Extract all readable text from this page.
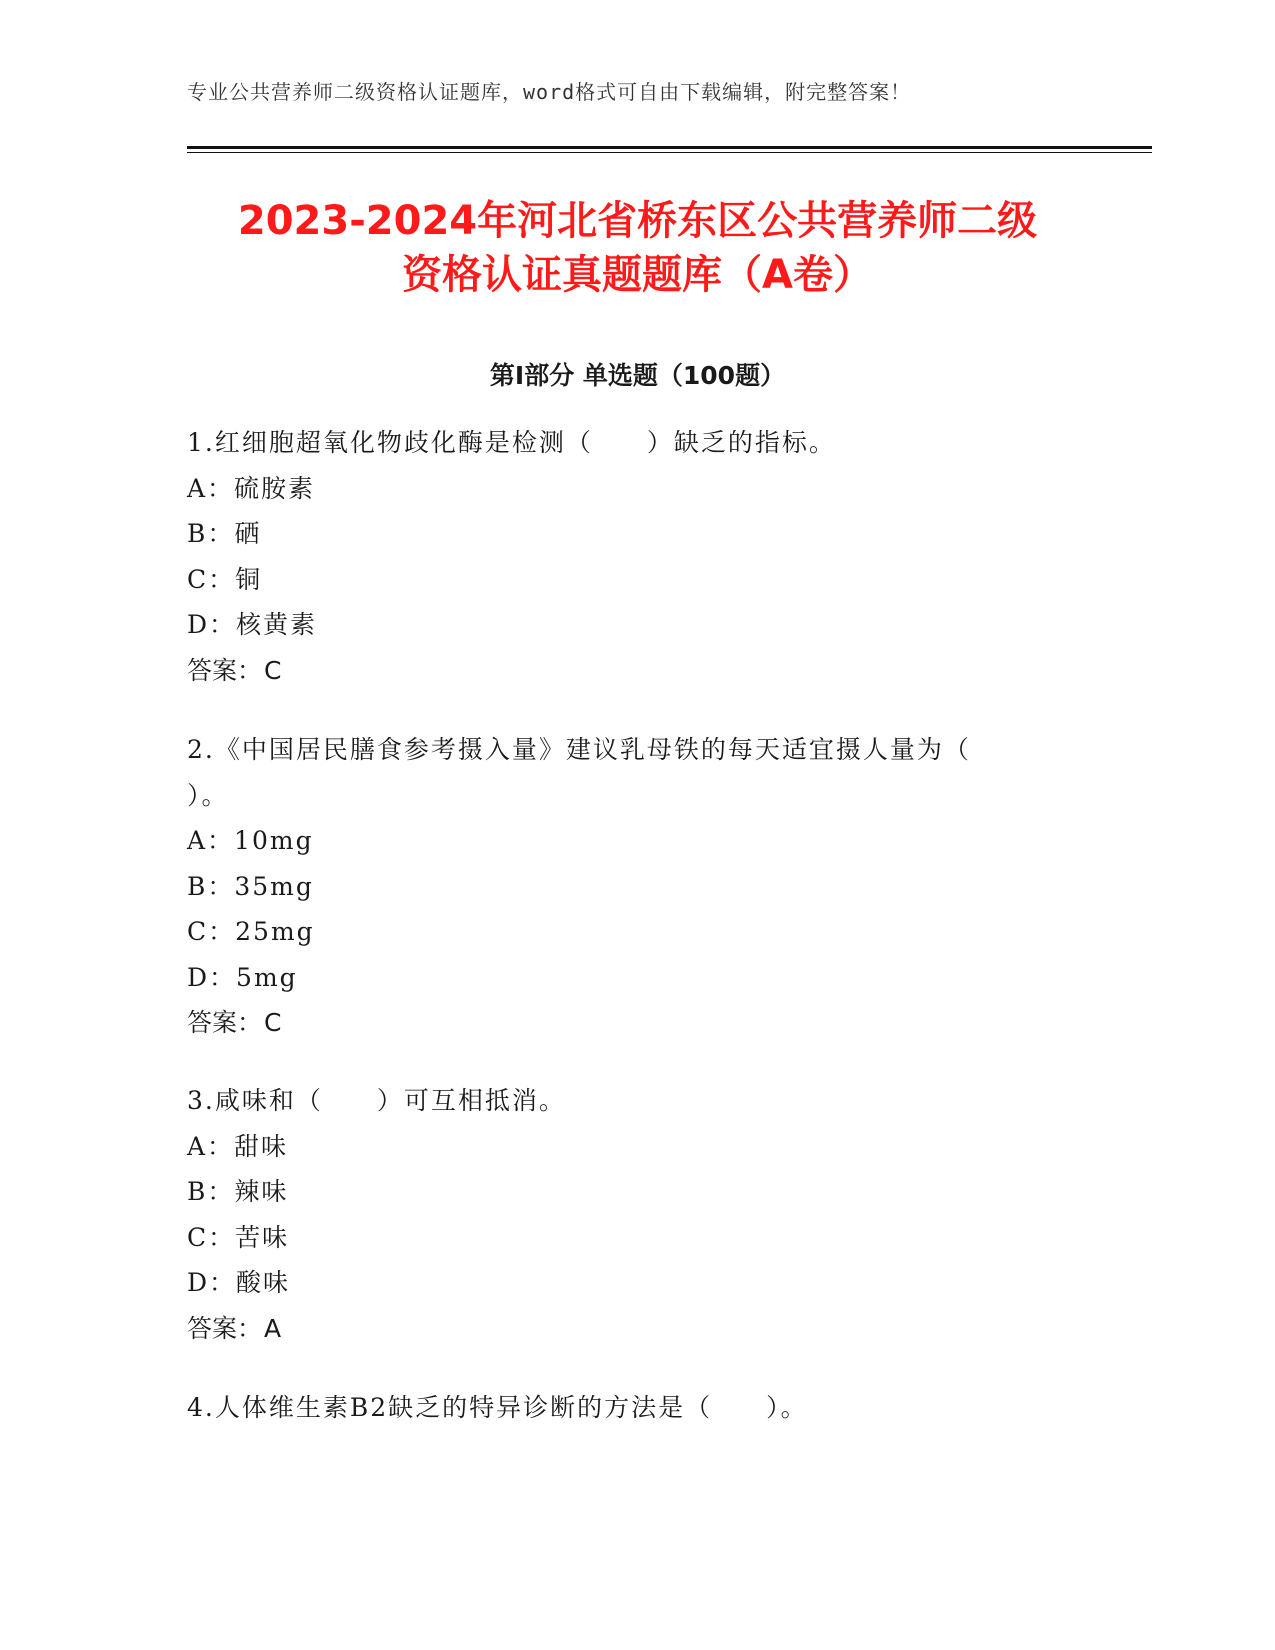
专业公共营养师二级资格认证题库，word格式可自由下载编辑，附完整答案！
2023-2024年河北省桥东区公共营养师二级
资格认证真题题库（A卷）
第Ⅰ部分 单选题（100题）
1.红细胞超氧化物歧化酶是检测（　　）缺乏的指标。
A：硫胺素
B：硒
C：铜
D：核黄素
答案：C
2.《中国居民膳食参考摄入量》建议乳母铁的每天适宜摄人量为（
）。
A：10mg
B：35mg
C：25mg
D：5mg
答案：C
3.咸味和（　　）可互相抵消。
A：甜味
B：辣味
C：苦味
D：酸味
答案：A
4.人体维生素B2缺乏的特异诊断的方法是（　　）。
